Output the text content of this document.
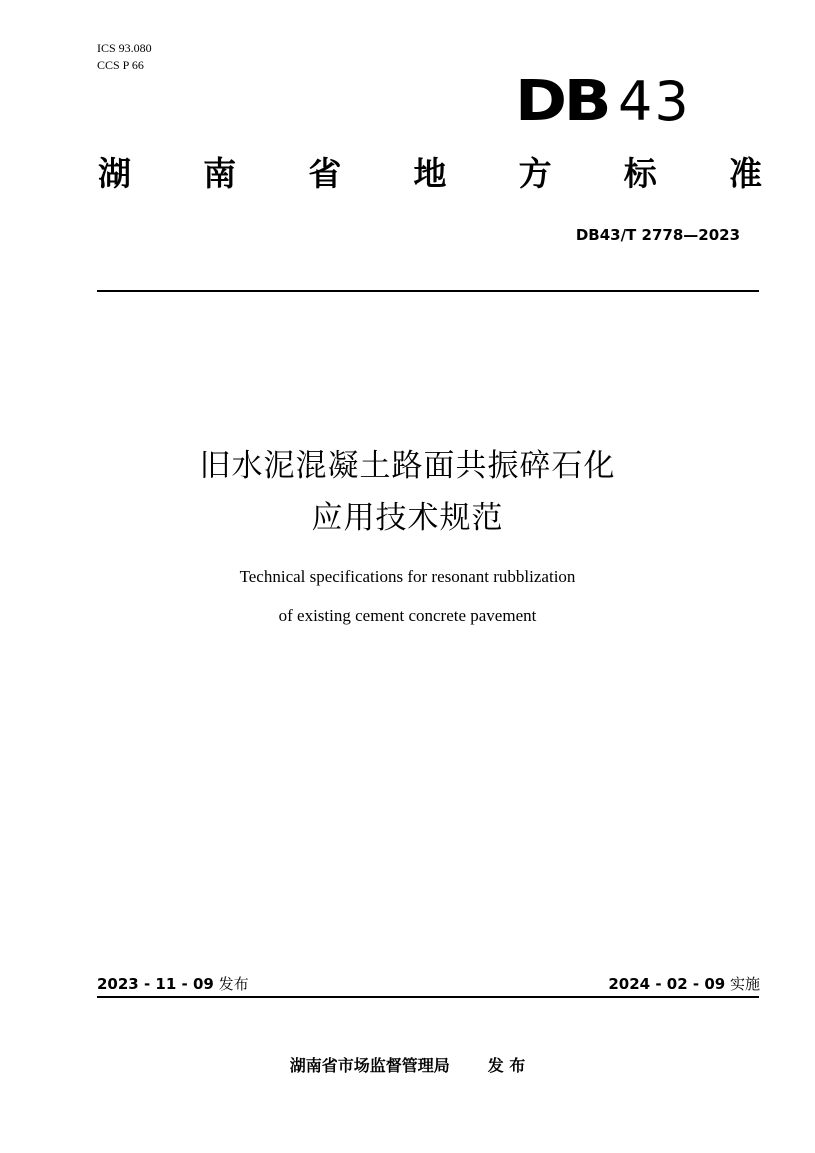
ICS 93.080
CCS P 66
DB 43
湖 南 省 地 方 标 准
DB43/T 2778—2023
旧水泥混凝土路面共振碎石化
应用技术规范
Technical specifications for resonant rubblization
of existing cement concrete pavement
2023 - 11 - 09 发布	2024 - 02 - 09 实施
湖南省市场监督管理局 发 布
